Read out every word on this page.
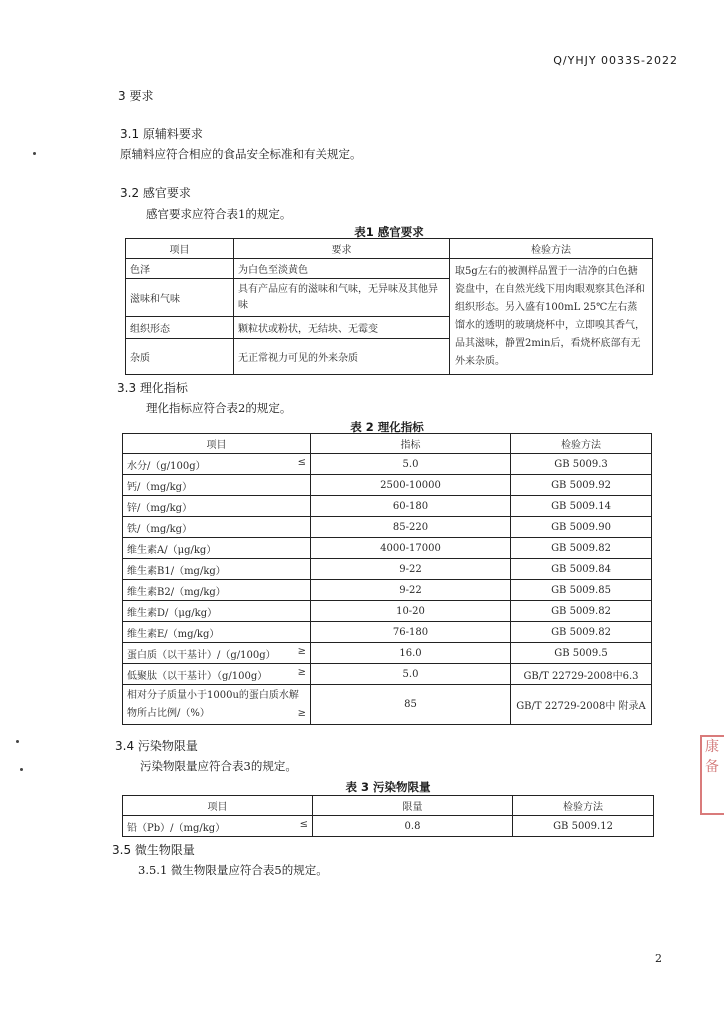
Q/YHJY 0033S-2022
3 要求
3.1 原辅料要求
原辅料应符合相应的食品安全标准和有关规定。
3.2 感官要求
感官要求应符合表1的规定。
表1 感官要求
项目	要求	检验方法
色泽	为白色至淡黄色	取5g左右的被测样品置于一洁净的白色搪瓷盘中，在自然光线下用肉眼观察其色泽和组织形态。另入盛有100mL 25℃左右蒸馏水的透明的玻璃烧杯中，立即嗅其香气，品其滋味，静置2min后，看烧杯底部有无外来杂质。
滋味和气味	具有产品应有的滋味和气味，无异味及其他异味	
组织形态	颗粒状或粉状，无结块、无霉变	
杂质	无正常视力可见的外来杂质	
3.3 理化指标
理化指标应符合表2的规定。
表 2 理化指标
项目	指标	检验方法
水分/（g/100g） ≤	5.0	GB 5009.3
钙/（mg/kg）	2500-10000	GB 5009.92
锌/（mg/kg）	60-180	GB 5009.14
铁/（mg/kg）	85-220	GB 5009.90
维生素A/（μg/kg）	4000-17000	GB 5009.82
维生素B1/（mg/kg）	9-22	GB 5009.84
维生素B2/（mg/kg）	9-22	GB 5009.85
维生素D/（μg/kg）	10-20	GB 5009.82
维生素E/（mg/kg）	76-180	GB 5009.82
蛋白质（以干基计）/（g/100g） ≥	16.0	GB 5009.5
低聚肽（以干基计）（g/100g） ≥	5.0	GB/T 22729-2008中6.3
相对分子质量小于1000u的蛋白质水解物所占比例/（%） ≥	85	GB/T 22729-2008中 附录A
3.4 污染物限量
污染物限量应符合表3的规定。
表 3 污染物限量
项目	限量	检验方法
铅（Pb）/（mg/kg） ≤	0.8	GB 5009.12
3.5 微生物限量
3.5.1 微生物限量应符合表5的规定。
2
康 备
